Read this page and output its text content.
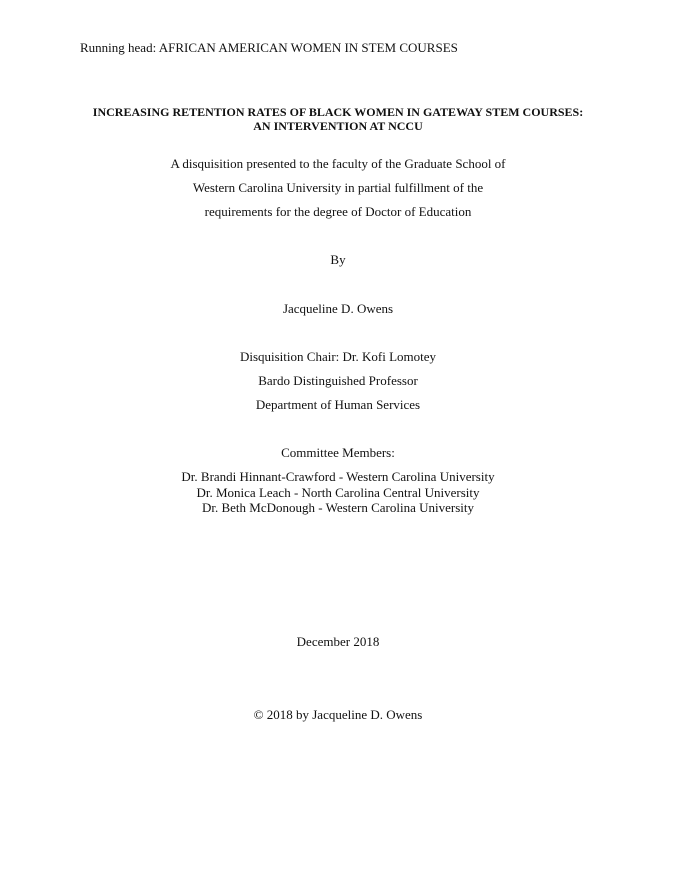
Running head: AFRICAN AMERICAN WOMEN IN STEM COURSES
INCREASING RETENTION RATES OF BLACK WOMEN IN GATEWAY STEM COURSES:
AN INTERVENTION AT NCCU
A disquisition presented to the faculty of the Graduate School of
Western Carolina University in partial fulfillment of the
requirements for the degree of Doctor of Education
By
Jacqueline D. Owens
Disquisition Chair: Dr. Kofi Lomotey
Bardo Distinguished Professor
Department of Human Services
Committee Members:
Dr. Brandi Hinnant-Crawford - Western Carolina University
Dr. Monica Leach - North Carolina Central University
Dr. Beth McDonough - Western Carolina University
December 2018
© 2018 by Jacqueline D. Owens
